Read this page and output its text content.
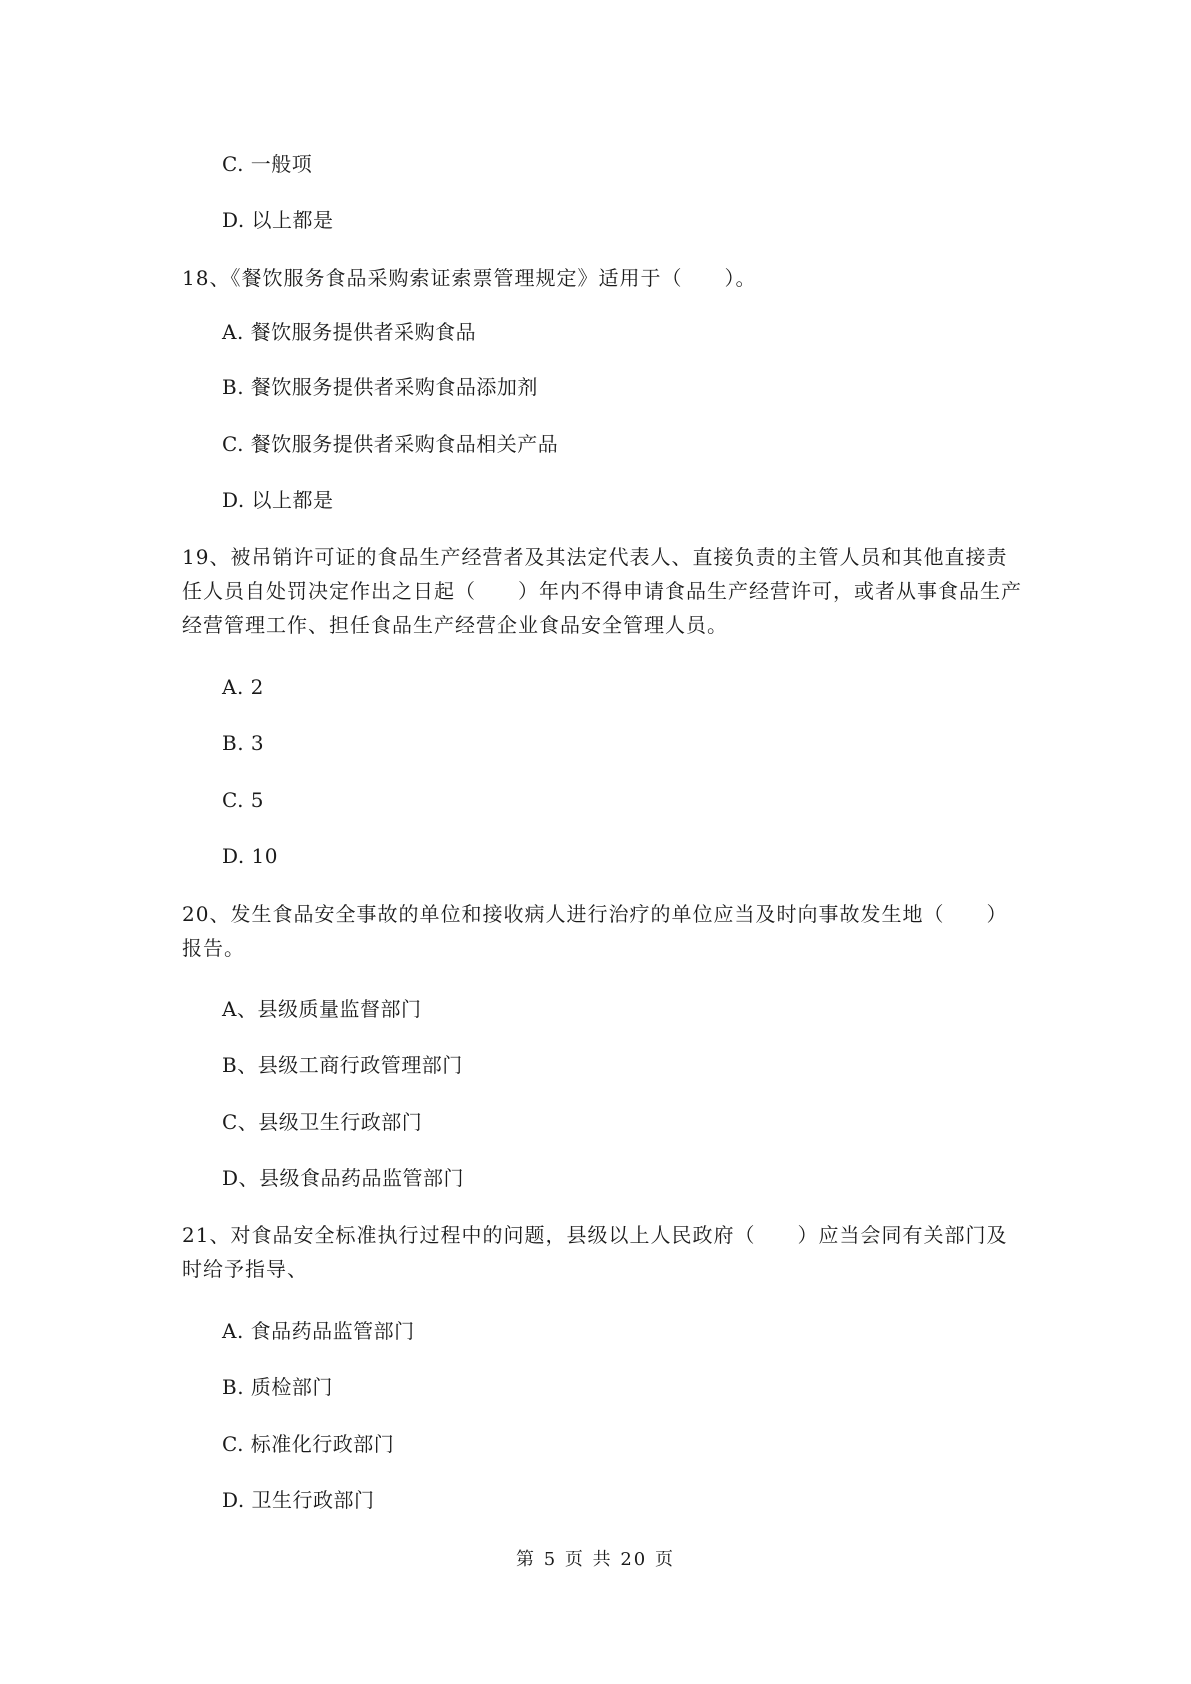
C. 一般项
D. 以上都是
18、《餐饮服务食品采购索证索票管理规定》适用于（　　）。
A. 餐饮服务提供者采购食品
B. 餐饮服务提供者采购食品添加剂
C. 餐饮服务提供者采购食品相关产品
D. 以上都是
19、被吊销许可证的食品生产经营者及其法定代表人、直接负责的主管人员和其他直接责任人员自处罚决定作出之日起（　　）年内不得申请食品生产经营许可，或者从事食品生产经营管理工作、担任食品生产经营企业食品安全管理人员。
A. 2
B. 3
C. 5
D. 10
20、发生食品安全事故的单位和接收病人进行治疗的单位应当及时向事故发生地（　　）报告。
A、县级质量监督部门
B、县级工商行政管理部门
C、县级卫生行政部门
D、县级食品药品监管部门
21、对食品安全标准执行过程中的问题，县级以上人民政府（　　）应当会同有关部门及时给予指导、
A. 食品药品监管部门
B. 质检部门
C. 标准化行政部门
D. 卫生行政部门
第 5 页 共 20 页
